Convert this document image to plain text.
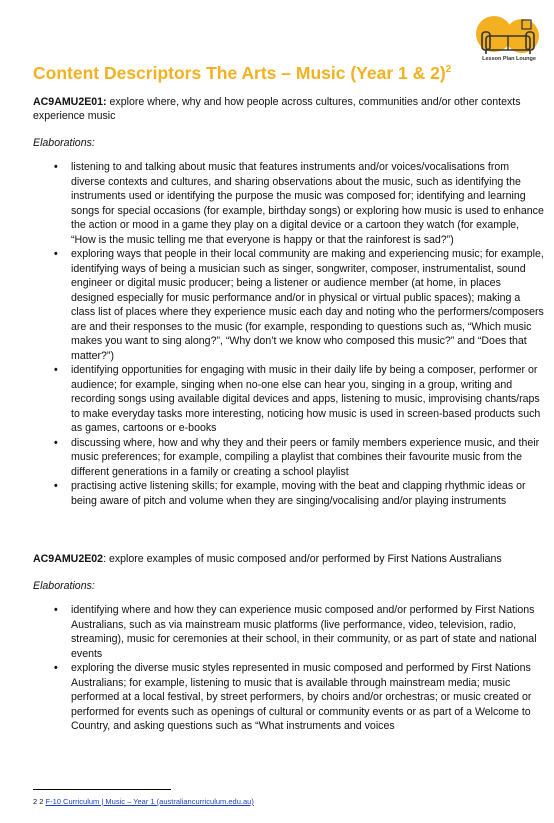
Lesson Plan Lounge
Content Descriptors The Arts – Music (Year 1 & 2)$^2$

AC9AMU2E01: explore where, why and how people across cultures, communities and/or other contexts experience music

Elaborations:

• listening to and talking about music that features instruments and/or voices/vocalisations from diverse contexts and cultures, and sharing observations about the music, such as identifying the instruments used or identifying the purpose the music was composed for; identifying and learning songs for special occasions (for example, birthday songs) or exploring how music is used to enhance the action or mood in a game they play on a digital device or a cartoon they watch (for example, “How is the music telling me that everyone is happy or that the rainforest is sad?”)
• exploring ways that people in their local community are making and experiencing music; for example, identifying ways of being a musician such as singer, songwriter, composer, instrumentalist, sound engineer or digital music producer; being a listener or audience member (at home, in places designed especially for music performance and/or in physical or virtual public spaces); making a class list of places where they experience music each day and noting who the performers/composers are and their responses to the music (for example, responding to questions such as, “Which music makes you want to sing along?”, “Why don’t we know who composed this music?” and “Does that matter?”)
• identifying opportunities for engaging with music in their daily life by being a composer, performer or audience; for example, singing when no-one else can hear you, singing in a group, writing and recording songs using available digital devices and apps, listening to music, improvising chants/raps to make everyday tasks more interesting, noticing how music is used in screen-based products such as games, cartoons or e-books
• discussing where, how and why they and their peers or family members experience music, and their music preferences; for example, compiling a playlist that combines their favourite music from the different generations in a family or creating a school playlist
• practising active listening skills; for example, moving with the beat and clapping rhythmic ideas or being aware of pitch and volume when they are singing/vocalising and/or playing instruments

AC9AMU2E02: explore examples of music composed and/or performed by First Nations Australians

Elaborations:

• identifying where and how they can experience music composed and/or performed by First Nations Australians, such as via mainstream music platforms (live performance, video, television, radio, streaming), music for ceremonies at their school, in their community, or as part of state and national events
• exploring the diverse music styles represented in music composed and performed by First Nations Australians; for example, listening to music that is available through mainstream media; music performed at a local festival, by street performers, by choirs and/or orchestras; or music created or performed for events such as openings of cultural or community events or as part of a Welcome to Country, and asking questions such as “What instruments and voices
2 2 F-10 Curriculum | Music – Year 1 (australiancurriculum.edu.au)
